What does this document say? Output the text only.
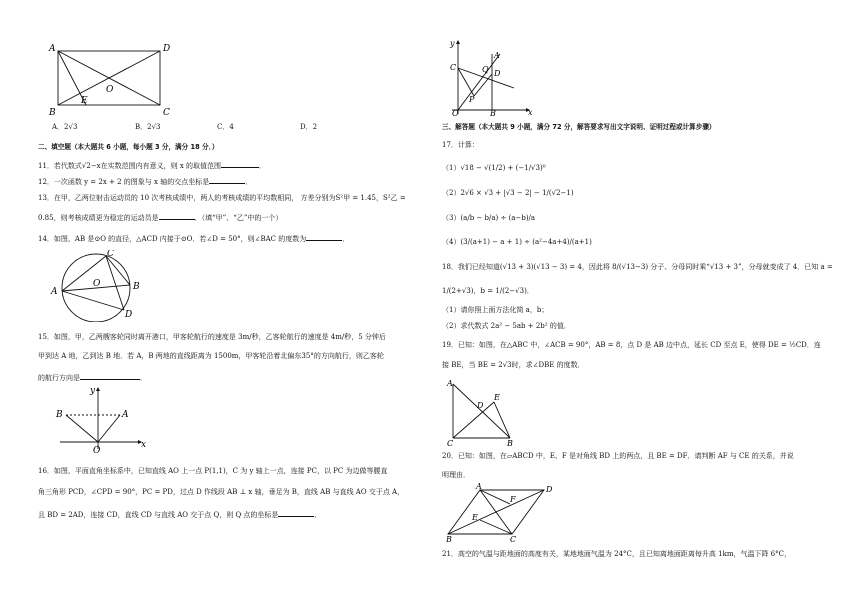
A	D
B	C
E
O
A．2√3	B．2√3	C．4	D．2
二、填空题（本大题共 6 小题，每小题 3 分，满分 18 分．）
11．若代数式√2−x在实数范围内有意义，则 x 的取值范围	．
12．一次函数 y = 2x + 2 的图象与 x 轴的交点坐标是	．
13．在甲，乙两位射击运动员的 10 次考核成绩中，两人的考核成绩的平均数相同， 方差分别为S²甲 = 1.45，S²乙 =
0.85，则考核成绩更为稳定的运动员是	．（填“甲”、“乙”中的一个）
14．如图，AB 是⊙O 的直径，△ACD 内接于⊙O．若∠D = 50°，则∠BAC 的度数为	．
A	B
C
D
O
15．如图，甲，乙两艘客轮同时离开港口，甲客轮航行的速度是 3m/秒，乙客轮航行的速度是 4m/秒，5 分钟后
甲到达 A 地，乙到达 B 地．若 A，B 两地的直线距离为 1500m，甲客轮沿着北偏东35°的方向航行，则乙客轮
的航行方向是	．
B	A
O
x
y
16．如图，平面直角坐标系中，已知直线 AO 上一点 P(1,1)，C 为 y 轴上一点，连接 PC，以 PC 为边做等腰直
角三角形 PCD，∠CPD = 90°，PC = PD，过点 D 作线段 AB ⊥ x 轴，垂足为 B，直线 AB 与直线 AO 交于点 A，
且 BD = 2AD，连接 CD，直线 CD 与直线 AO 交于点 Q，则 Q 点的坐标是	．
y
x
C
A
D
P
O	B
Q
三、解答题（本大题共 9 小题，满分 72 分，解答要求写出文字说明、证明过程或计算步骤）
17．计算：
（1）√18 − √(1/2) + (−1/√3)⁰
（2）2√6 × √3 + |√3 − 2| − 1/(√2−1)
（3）(a/b − b/a) ÷ (a−b)/a
（4）(3/(a+1) − a + 1) ÷ (a²−4a+4)/(a+1)
18．我们已经知道(√13 + 3)(√13 − 3) = 4，因此将 8/(√13−3) 分子、分母同时乘“√13 + 3”，分母就变成了 4．已知 a =
1/(2+√3)，b = 1/(2−√3)．
（1）请你照上面方法化简 a，b；
（2）求代数式 2a² − 5ab + 2b² 的值．
19．已知：如图，在△ABC 中，∠ACB = 90°，AB = 8，点 D 是 AB 边中点，延长 CD 至点 E，使得 DE = ½CD．连
接 BE，当 BE = 2√3时，求∠DBE 的度数．
A
D
E
C	B
20．已知：如图，在▱ABCD 中，E、F 是对角线 BD 上的两点，且 BE = DF．请判断 AF 与 CE 的关系，并说
明理由．
A	D
E
F
B	C
21．高空的气温与距地面的高度有关，某地地面气温为 24°C，且已知离地面距离每升高 1km，气温下降 6°C，
